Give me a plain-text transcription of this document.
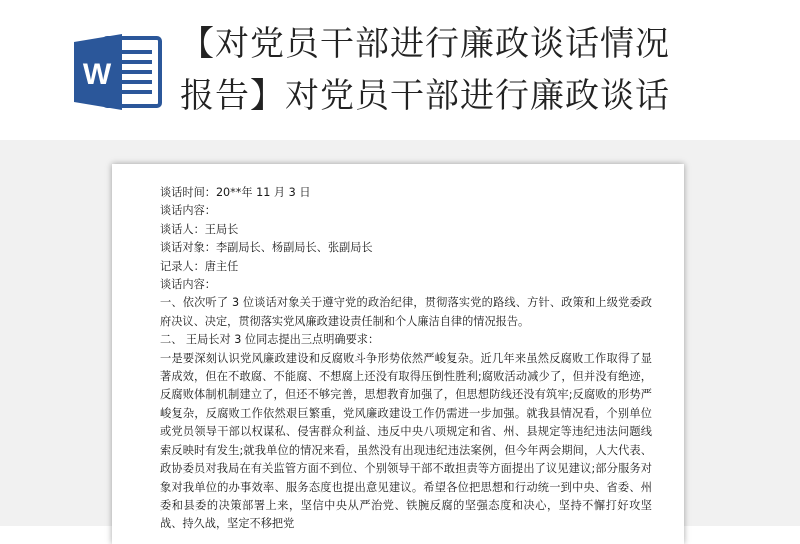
W
【对党员干部进行廉政谈话情况
报告】对党员干部进行廉政谈话
谈话时间：20**年 11 月 3 日
谈话内容：
谈话人：王局长
谈话对象：李副局长、杨副局长、张副局长
记录人：唐主任
谈话内容：
一、依次听了 3 位谈话对象关于遵守党的政治纪律，贯彻落实党的路线、方针、政策和上级党委政府决议、决定，贯彻落实党风廉政建设责任制和个人廉洁自律的情况报告。
二、 王局长对 3 位同志提出三点明确要求：
一是要深刻认识党风廉政建设和反腐败斗争形势依然严峻复杂。近几年来虽然反腐败工作取得了显著成效，但在不敢腐、不能腐、不想腐上还没有取得压倒性胜利;腐败活动减少了，但并没有绝迹，反腐败体制机制建立了，但还不够完善，思想教育加强了，但思想防线还没有筑牢;反腐败的形势严峻复杂，反腐败工作依然艰巨繁重，党风廉政建设工作仍需进一步加强。就我县情况看，个别单位或党员领导干部以权谋私、侵害群众利益、违反中央八项规定和省、州、县规定等违纪违法问题线索反映时有发生;就我单位的情况来看，虽然没有出现违纪违法案例，但今年两会期间，人大代表、政协委员对我局在有关监管方面不到位、个别领导干部不敢担责等方面提出了议见建议;部分服务对象对我单位的办事效率、服务态度也提出意见建议。希望各位把思想和行动统一到中央、省委、州委和县委的决策部署上来，坚信中央从严治党、铁腕反腐的坚强态度和决心，坚持不懈打好攻坚战、持久战，坚定不移把党
